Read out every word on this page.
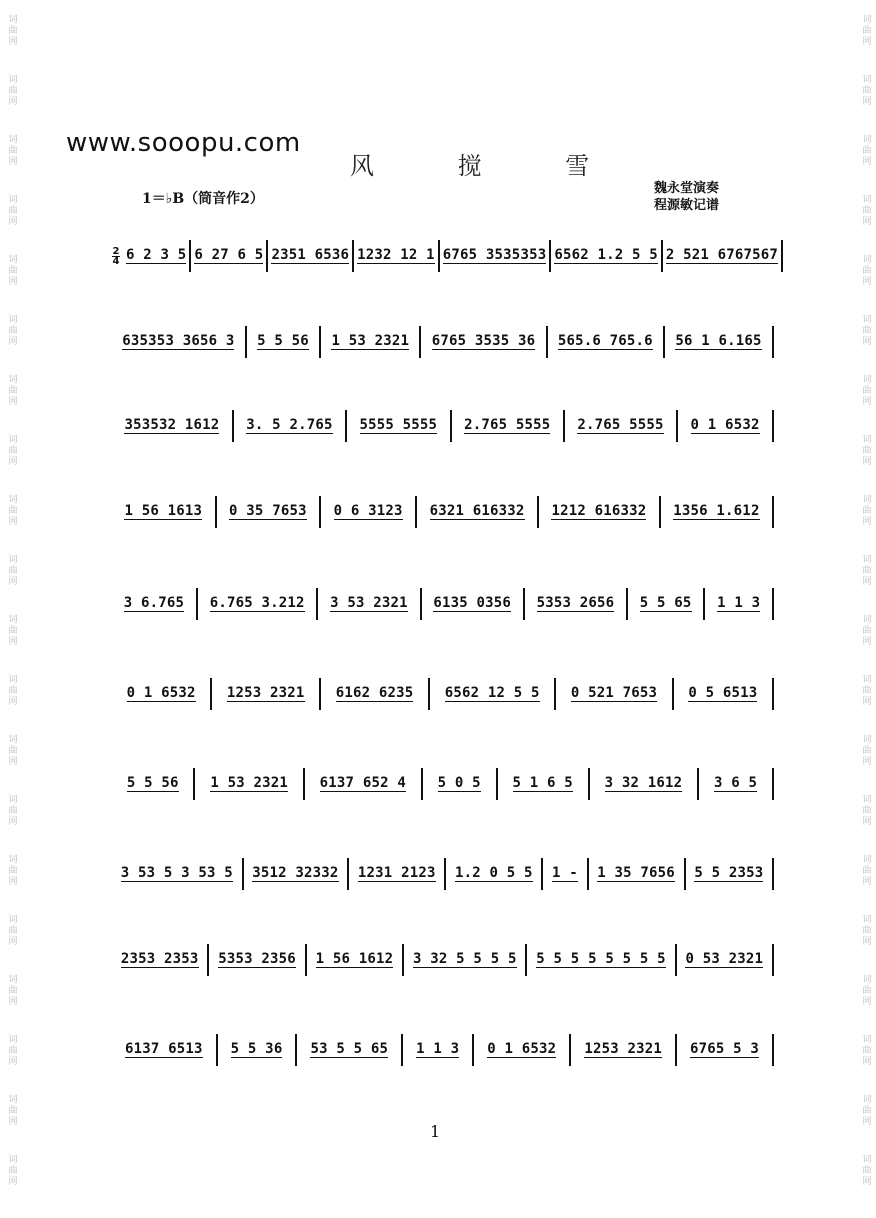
词曲网
词曲网
词曲网
词曲网
词曲网
词曲网
词曲网
词曲网
词曲网
词曲网
词曲网
词曲网
词曲网
词曲网
词曲网
词曲网
词曲网
词曲网
词曲网
词曲网
词曲网
词曲网
词曲网
词曲网
词曲网
词曲网
词曲网
词曲网
词曲网
词曲网
词曲网
词曲网
词曲网
词曲网
词曲网
词曲网
词曲网
词曲网
词曲网
词曲网
www.sooopu.com
风 搅 雪
1＝♭B（筒音作2）
魏永堂演奏
程源敏记谱
2
4 6 2 3 5 6 27 6 5 2351 6536 1232 12 1 6765 3535353 6562 1.2 5 5 2 521 6767567
635353 3656 3 5 5 56 1 53 2321 6765 3535 36 565.6 765.6 56 1 6.165
353532 1612 3. 5 2.765 5555 5555 2.765 5555 2.765 5555 0 1 6532
1 56 1613 0 35 7653 0 6 3123 6321 616332 1212 616332 1356 1.612
3 6.765 6.765 3.212 3 53 2321 6135 0356 5353 2656 5 5 65 1 1 3
0 1 6532 1253 2321 6162 6235 6562 12 5 5 0 521 7653 0 5 6513
5 5 56 1 53 2321 6137 652 4 5 0 5 5 1 6 5 3 32 1612 3 6 5
3 53 5 3 53 5 3512 32332 1231 2123 1.2 0 5 5 1 - 1 35 7656 5 5 2353
2353 2353 5353 2356 1 56 1612 3 32 5 5 5 5 5 5 5 5 5 5 5 5 0 53 2321
6137 6513 5 5 36 53 5 5 65 1 1 3 0 1 6532 1253 2321 6765 5 3
1
